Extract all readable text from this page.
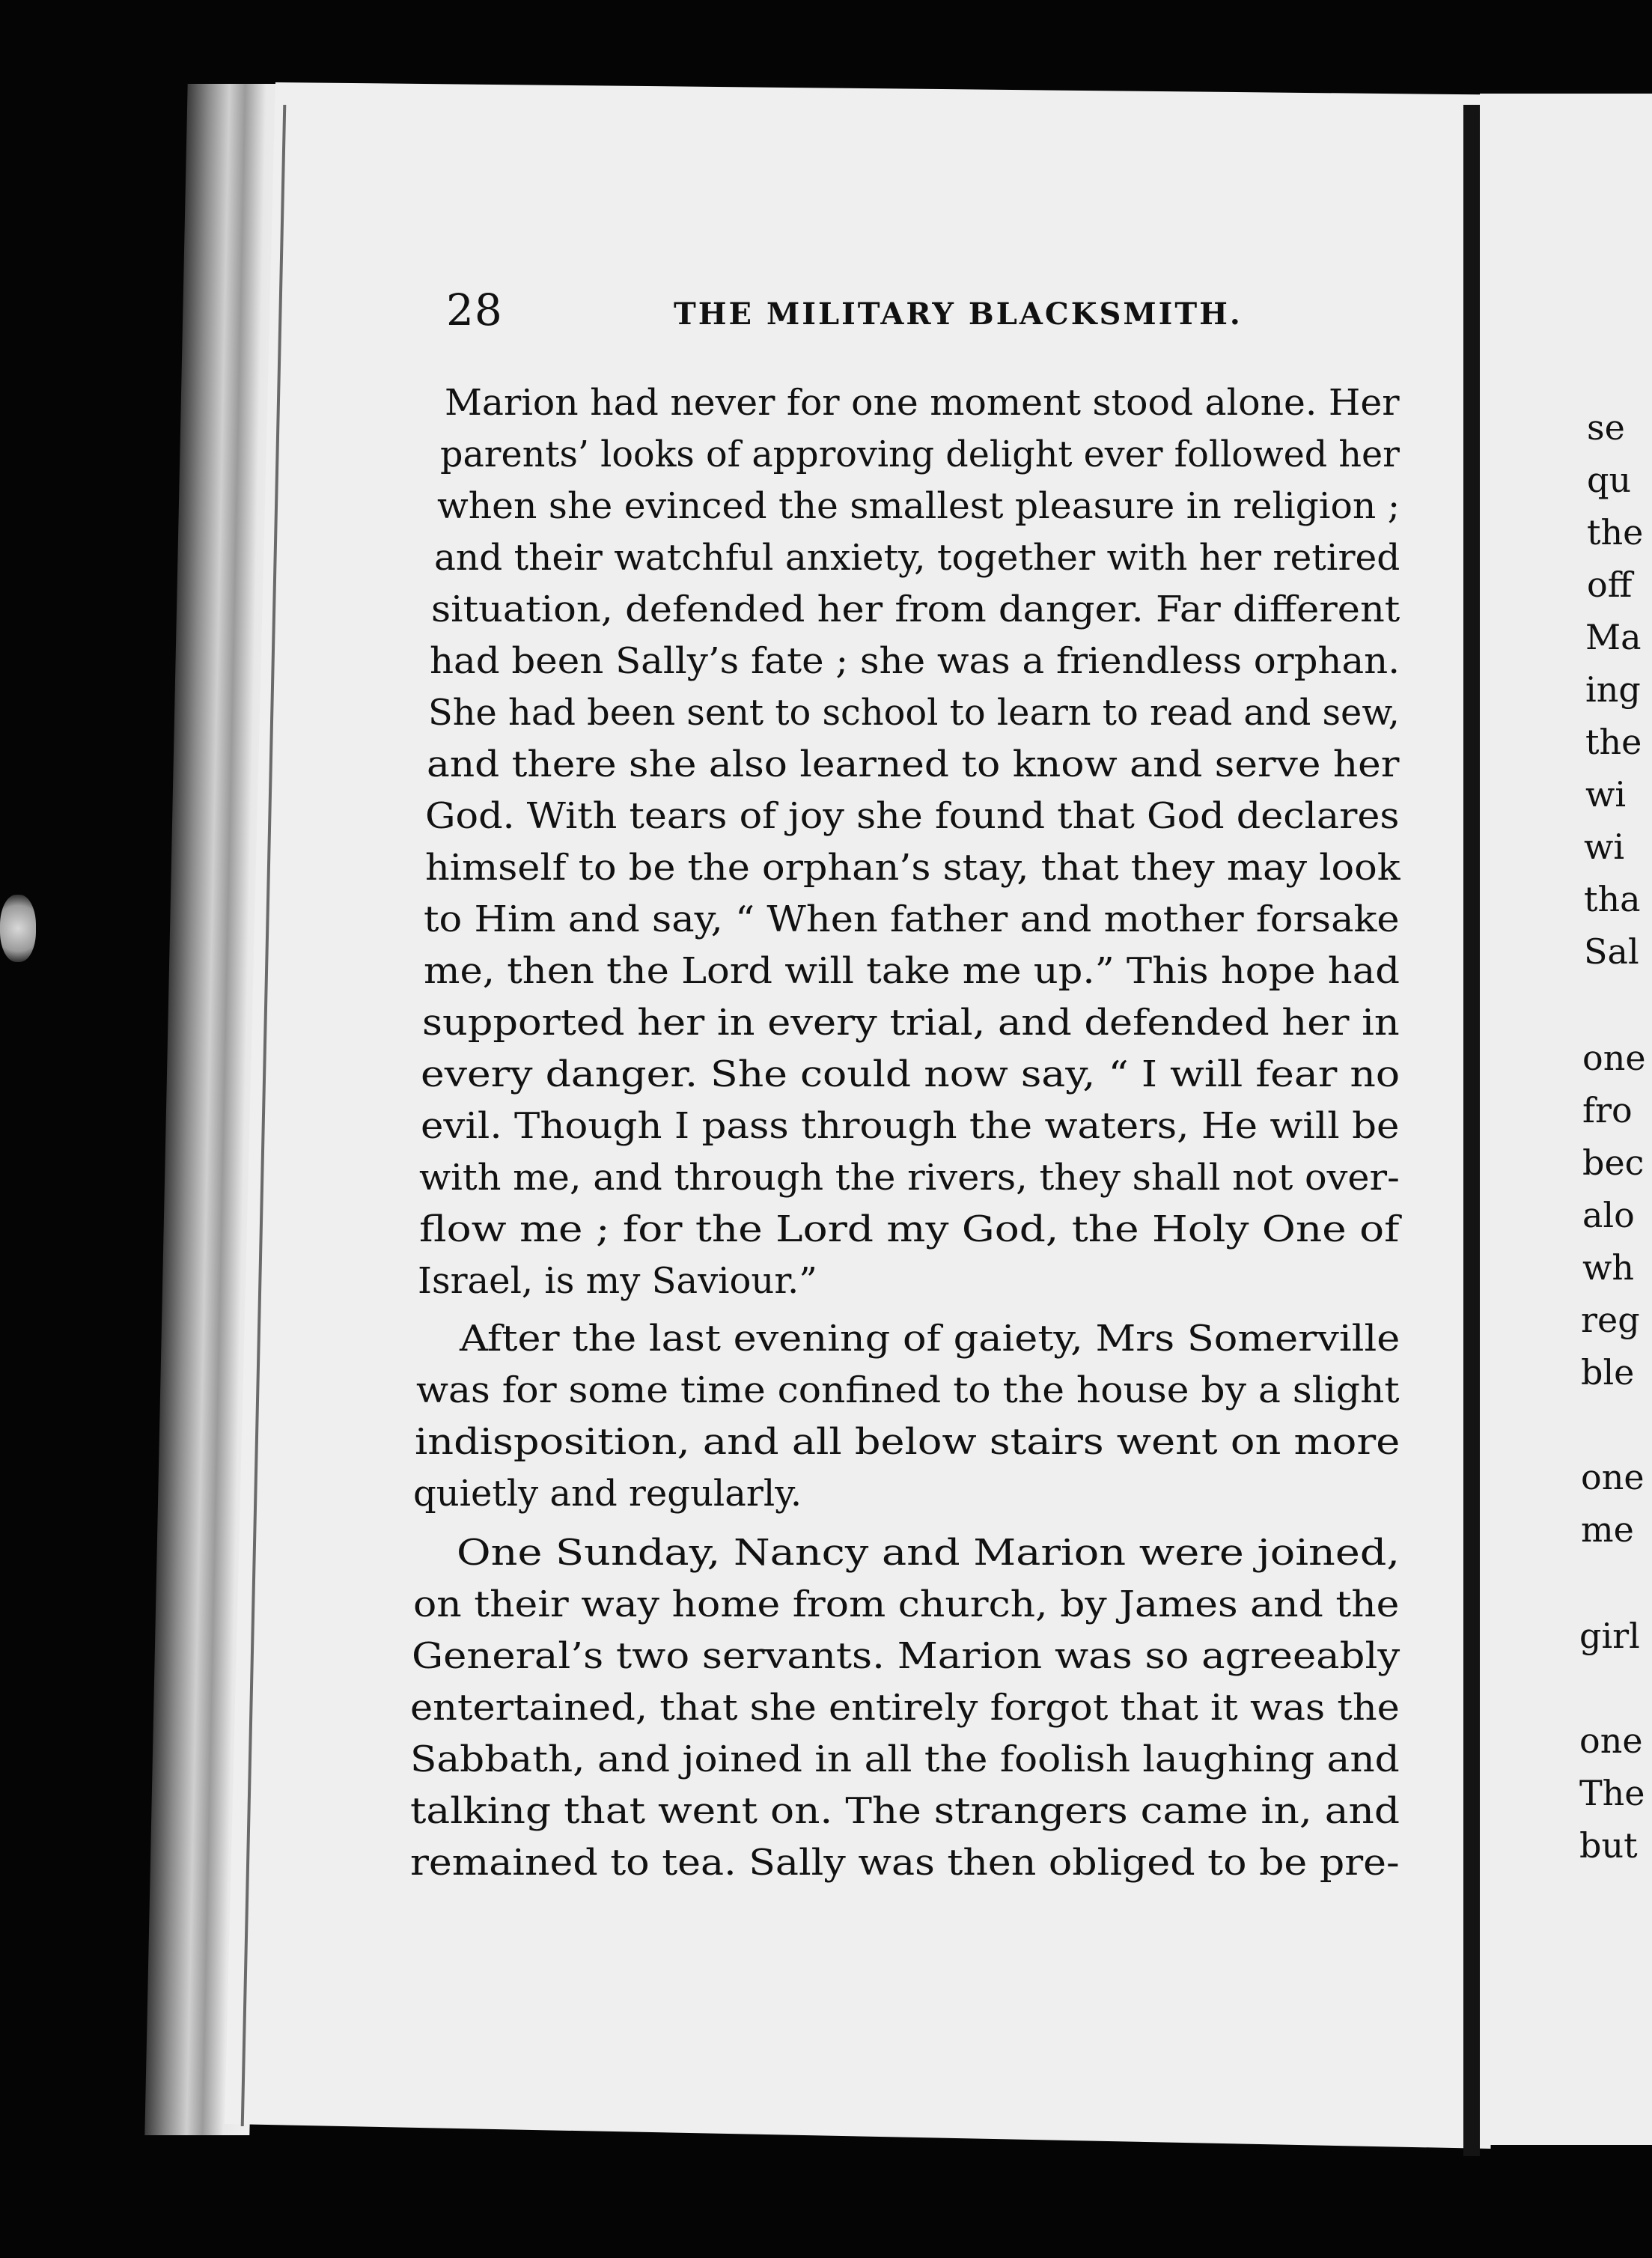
28	THE MILITARY BLACKSMITH.
Marion had never for one moment stood alone. Her
parents’ looks of approving delight ever followed her
when she evinced the smallest pleasure in religion ;
and their watchful anxiety, together with her retired
situation, defended her from danger. Far different
had been Sally’s fate ; she was a friendless orphan.
She had been sent to school to learn to read and sew,
and there she also learned to know and serve her
God. With tears of joy she found that God declares
himself to be the orphan’s stay, that they may look
to Him and say, “ When father and mother forsake
me, then the Lord will take me up.” This hope had
supported her in every trial, and defended her in
every danger. She could now say, “ I will fear no
evil. Though I pass through the waters, He will be
with me, and through the rivers, they shall not over-
flow me ; for the Lord my God, the Holy One of
Israel, is my Saviour.”
After the last evening of gaiety, Mrs Somerville
was for some time confined to the house by a slight
indisposition, and all below stairs went on more
quietly and regularly.
One Sunday, Nancy and Marion were joined,
on their way home from church, by James and the
General’s two servants. Marion was so agreeably
entertained, that she entirely forgot that it was the
Sabbath, and joined in all the foolish laughing and
talking that went on. The strangers came in, and
remained to tea. Sally was then obliged to be pre-
se
qu
the
off
Ma
ing
the
wi
wi
tha
Sal
one
fro
bec
alo
wh
reg
ble
one
me
girl
one
The
but
